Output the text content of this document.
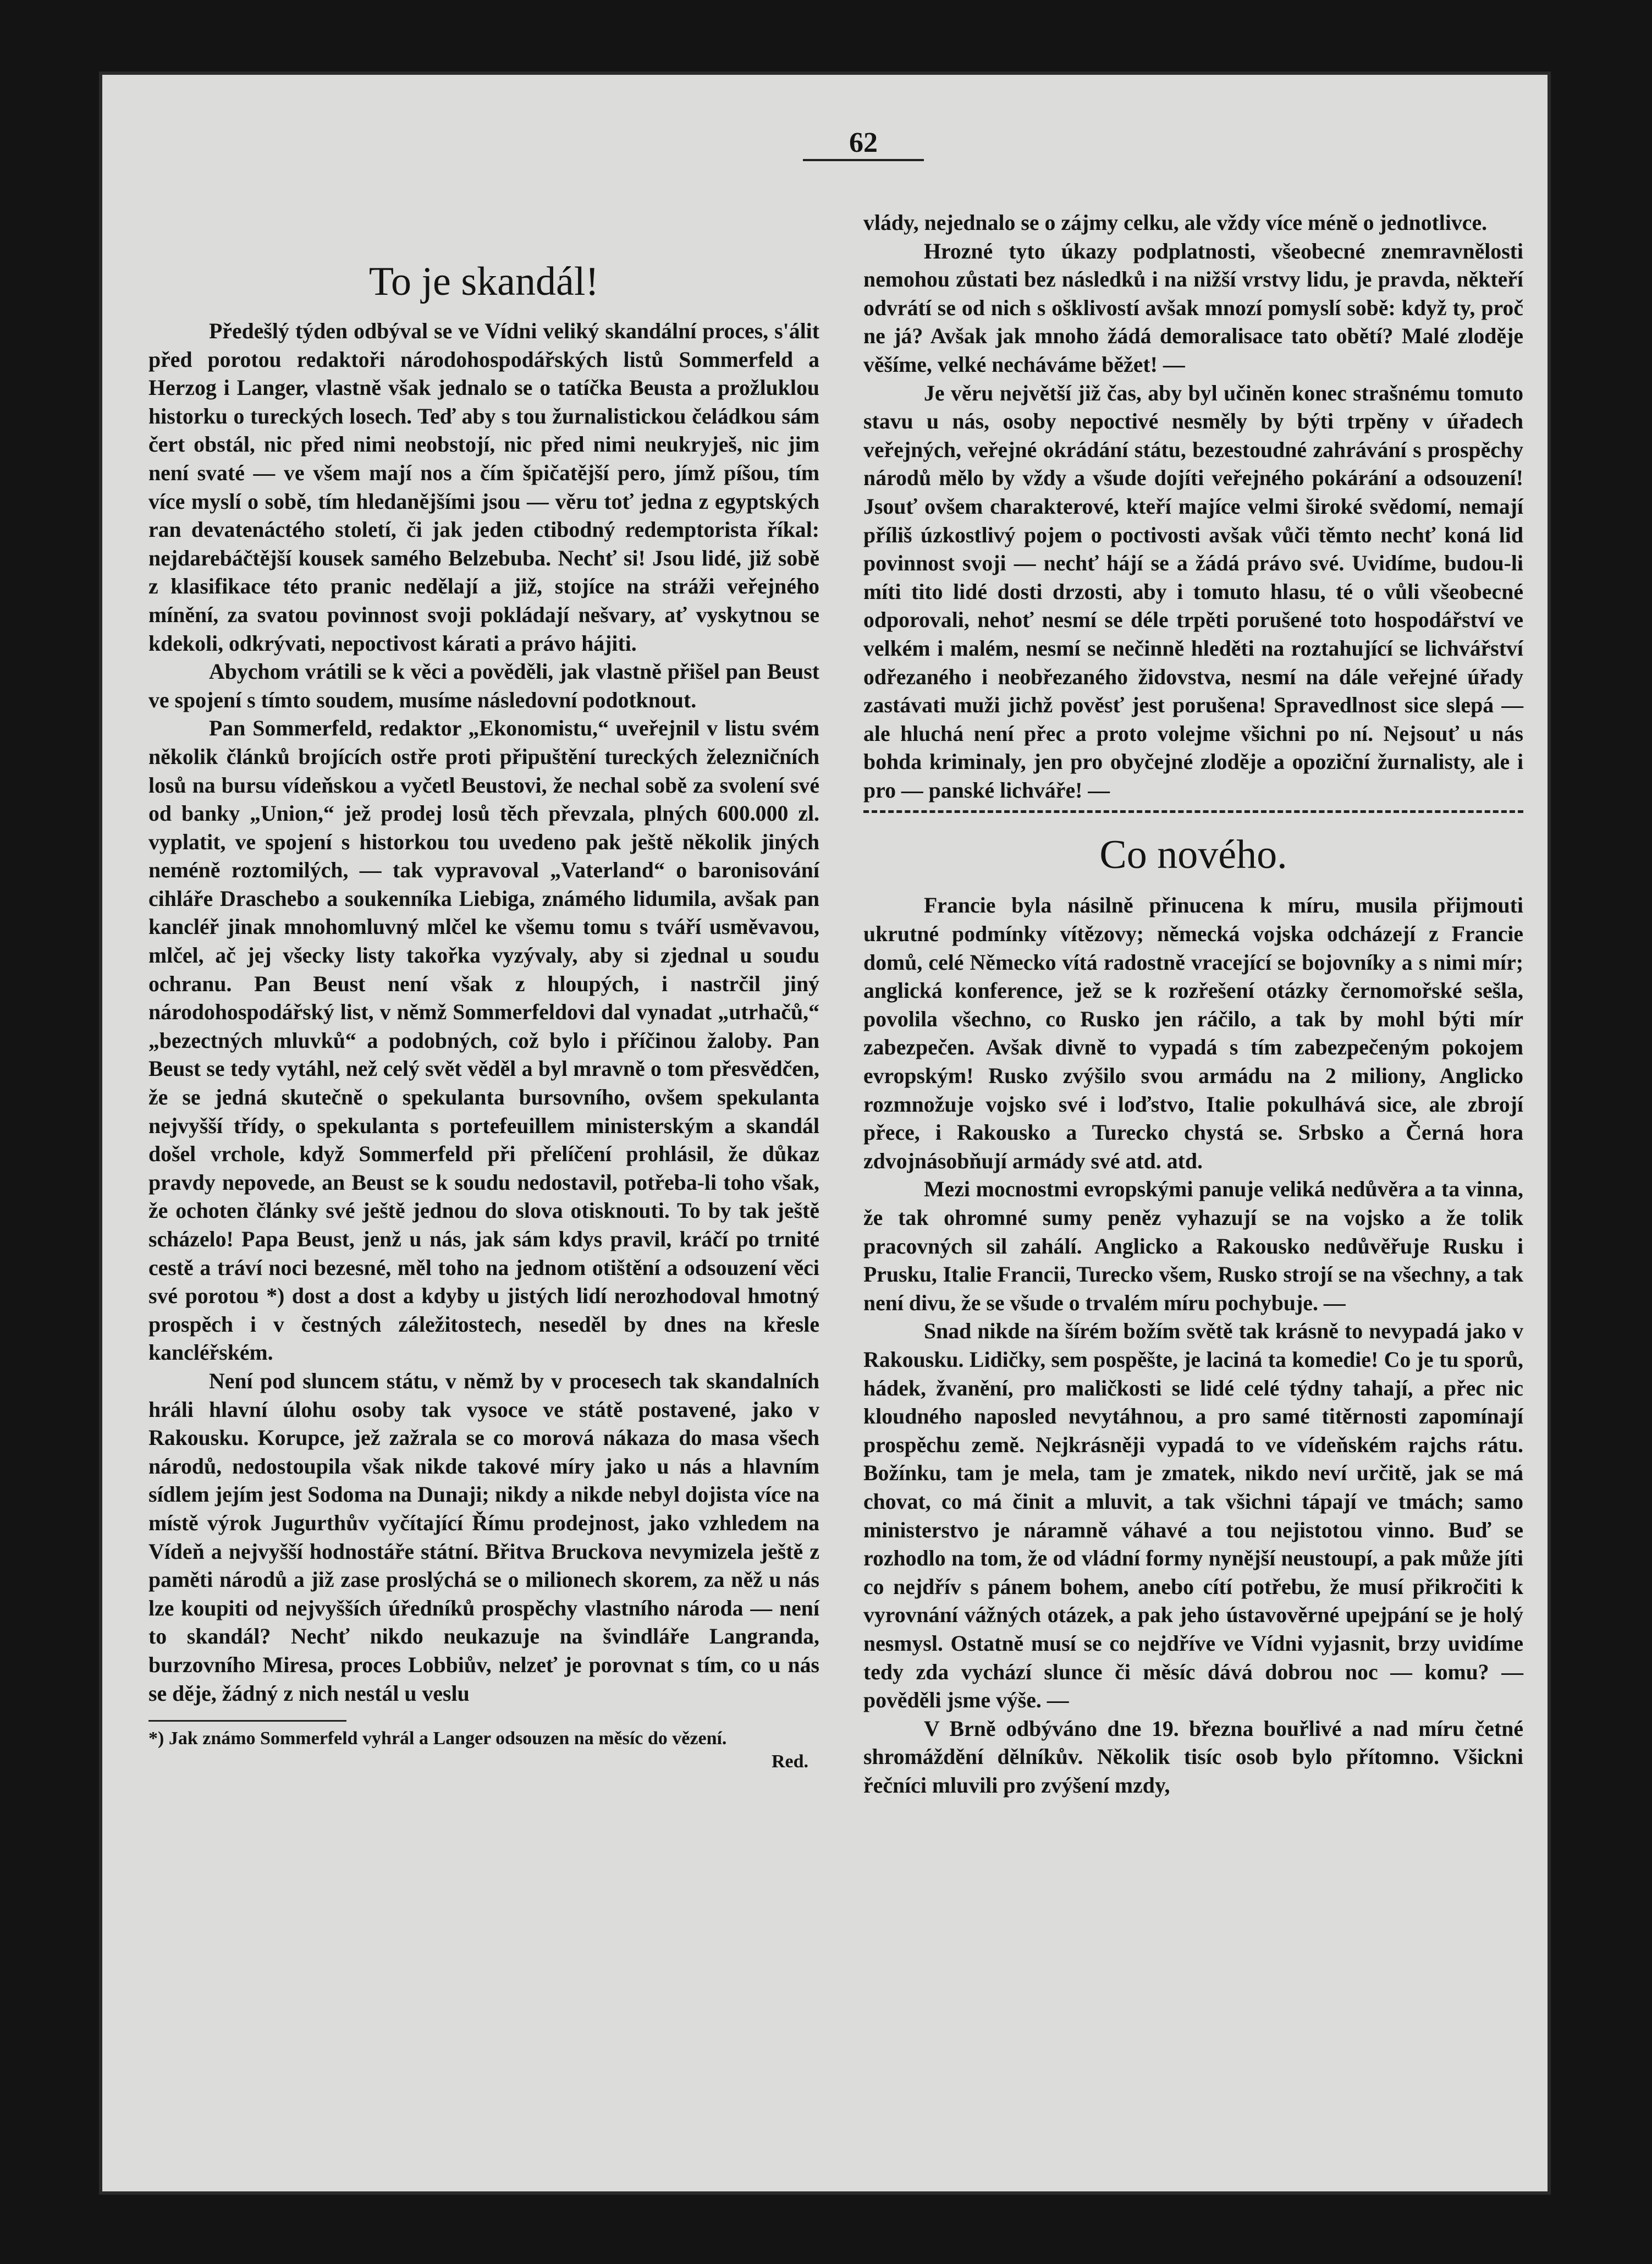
62
To je skandál!

Předešlý týden odbýval se ve Vídni veliký skandální proces, s'álit před porotou redaktoři národohospodářských listů Sommerfeld a Herzog i Langer, vlastně však jednalo se o tatíčka Beusta a prožluklou historku o tureckých losech. Teď aby s tou žurnalistickou čeládkou sám čert obstál, nic před nimi neobstojí, nic před nimi neukryješ, nic jim není svaté — ve všem mají nos a čím špičatější pero, jímž píšou, tím více myslí o sobě, tím hledanějšími jsou — věru toť jedna z egyptských ran devatenáctého století, či jak jeden ctibodný redemptorista říkal: nejdarebáčtější kousek samého Belzebuba. Nechť si! Jsou lidé, již sobě z klasifikace této pranic nedělají a již, stojíce na stráži veřejného mínění, za svatou povinnost svoji pokládají nešvary, ať vyskytnou se kdekoli, odkrývati, nepoctivost kárati a právo hájiti.

Abychom vrátili se k věci a pověděli, jak vlastně přišel pan Beust ve spojení s tímto soudem, musíme následovní podotknout.

Pan Sommerfeld, redaktor „Ekonomistu,“ uveřejnil v listu svém několik článků brojících ostře proti připuštění tureckých železničních losů na bursu vídeňskou a vyčetl Beustovi, že nechal sobě za svolení své od banky „Union,“ jež prodej losů těch převzala, plných 600.000 zl. vyplatit, ve spojení s historkou tou uvedeno pak ještě několik jiných neméně roztomilých, — tak vypravoval „Vaterland“ o baronisování cihláře Draschebo a soukenníka Liebiga, známého lidumila, avšak pan kancléř jinak mnohomluvný mlčel ke všemu tomu s tváří usměvavou, mlčel, ač jej všecky listy takořka vyzývaly, aby si zjednal u soudu ochranu. Pan Beust není však z hloupých, i nastrčil jiný národohospodářský list, v němž Sommerfeldovi dal vynadat „utrhačů,“ „bezectných mluvků“ a podobných, což bylo i příčinou žaloby. Pan Beust se tedy vytáhl, než celý svět věděl a byl mravně o tom přesvědčen, že se jedná skutečně o spekulanta bursovního, ovšem spekulanta nejvyšší třídy, o spekulanta s portefeuillem ministerským a skandál došel vrchole, když Sommerfeld při přelíčení prohlásil, že důkaz pravdy nepovede, an Beust se k soudu nedostavil, potřeba-li toho však, že ochoten články své ještě jednou do slova otisknouti. To by tak ještě scházelo! Papa Beust, jenž u nás, jak sám kdys pravil, kráčí po trnité cestě a tráví noci bezesné, měl toho na jednom otištění a odsouzení věci své porotou *) dost a dost a kdyby u jistých lidí nerozhodoval hmotný prospěch i v čestných záležitostech, neseděl by dnes na křesle kancléřském.

Není pod sluncem státu, v němž by v procesech tak skandalních hráli hlavní úlohu osoby tak vysoce ve státě postavené, jako v Rakousku. Korupce, jež zažrala se co morová nákaza do masa všech národů, nedostoupila však nikde takové míry jako u nás a hlavním sídlem jejím jest Sodoma na Dunaji; nikdy a nikde nebyl dojista více na místě výrok Jugurthův vyčítající Římu prodejnost, jako vzhledem na Vídeň a nejvyšší hodnostáře státní. Břitva Bruckova nevymizela ještě z paměti národů a již zase proslýchá se o milionech skorem, za něž u nás lze koupiti od nejvyšších úředníků prospěchy vlastního národa — není to skandál? Nechť nikdo neukazuje na švindláře Langranda, burzovního Miresa, proces Lobbiův, nelzeť je porovnat s tím, co u nás se děje, žádný z nich nestál u veslu

*) Jak známo Sommerfeld vyhrál a Langer odsouzen na měsíc do vězení.
Red.

vlády, nejednalo se o zájmy celku, ale vždy více méně o jednotlivce.

Hrozné tyto úkazy podplatnosti, všeobecné znemravnělosti nemohou zůstati bez následků i na nižší vrstvy lidu, je pravda, někteří odvrátí se od nich s ošklivostí avšak mnozí pomyslí sobě: když ty, proč ne já? Avšak jak mnoho žádá demoralisace tato obětí? Malé zloděje věšíme, velké necháváme běžet! —

Je věru největší již čas, aby byl učiněn konec strašnému tomuto stavu u nás, osoby nepoctivé nesměly by býti trpěny v úřadech veřejných, veřejné okrádání státu, bezestoudné zahrávání s prospěchy národů mělo by vždy a všude dojíti veřejného pokárání a odsouzení! Jsouť ovšem charakterové, kteří majíce velmi široké svědomí, nemají příliš úzkostlivý pojem o poctivosti avšak vůči těmto nechť koná lid povinnost svoji — nechť hájí se a žádá právo své. Uvidíme, budou-li míti tito lidé dosti drzosti, aby i tomuto hlasu, té o vůli všeobecné odporovali, nehoť nesmí se déle trpěti porušené toto hospodářství ve velkém i malém, nesmí se nečinně hleděti na roztahující se lichvářství odřezaného i neobřezaného židovstva, nesmí na dále veřejné úřady zastávati muži jichž pověsť jest porušena! Spravedlnost sice slepá — ale hluchá není přec a proto volejme všichni po ní. Nejsouť u nás bohda kriminaly, jen pro obyčejné zloděje a opoziční žurnalisty, ale i pro — panské lichváře! —

Co nového.

Francie byla násilně přinucena k míru, musila přijmouti ukrutné podmínky vítězovy; německá vojska odcházejí z Francie domů, celé Německo vítá radostně vracející se bojovníky a s nimi mír; anglická konference, jež se k rozřešení otázky černomořské sešla, povolila všechno, co Rusko jen ráčilo, a tak by mohl býti mír zabezpečen. Avšak divně to vypadá s tím zabezpečeným pokojem evropským! Rusko zvýšilo svou armádu na 2 miliony, Anglicko rozmnožuje vojsko své i loďstvo, Italie pokulhává sice, ale zbrojí přece, i Rakousko a Turecko chystá se. Srbsko a Černá hora zdvojnásobňují armády své atd. atd.

Mezi mocnostmi evropskými panuje veliká nedůvěra a ta vinna, že tak ohromné sumy peněz vyhazují se na vojsko a že tolik pracovných sil zahálí. Anglicko a Rakousko nedůvěřuje Rusku i Prusku, Italie Francii, Turecko všem, Rusko strojí se na všechny, a tak není divu, že se všude o trvalém míru pochybuje. —

Snad nikde na šírém božím světě tak krásně to nevypadá jako v Rakousku. Lidičky, sem pospěšte, je laciná ta komedie! Co je tu sporů, hádek, žvanění, pro maličkosti se lidé celé týdny tahají, a přec nic kloudného naposled nevytáhnou, a pro samé titěrnosti zapomínají prospěchu země. Nejkrásněji vypadá to ve vídeňském rajchs rátu. Božínku, tam je mela, tam je zmatek, nikdo neví určitě, jak se má chovat, co má činit a mluvit, a tak všichni tápají ve tmách; samo ministerstvo je náramně váhavé a tou nejistotou vinno. Buď se rozhodlo na tom, že od vládní formy nynější neustoupí, a pak může jíti co nejdřív s pánem bohem, anebo cítí potřebu, že musí přikročiti k vyrovnání vážných otázek, a pak jeho ústavověrné upejpání se je holý nesmysl. Ostatně musí se co nejdříve ve Vídni vyjasnit, brzy uvidíme tedy zda vychází slunce či měsíc dává dobrou noc — komu? — pověděli jsme výše. —

V Brně odbýváno dne 19. března bouřlivé a nad míru četné shromáždění dělníkův. Několik tisíc osob bylo přítomno. Všickni řečníci mluvili pro zvýšení mzdy,
